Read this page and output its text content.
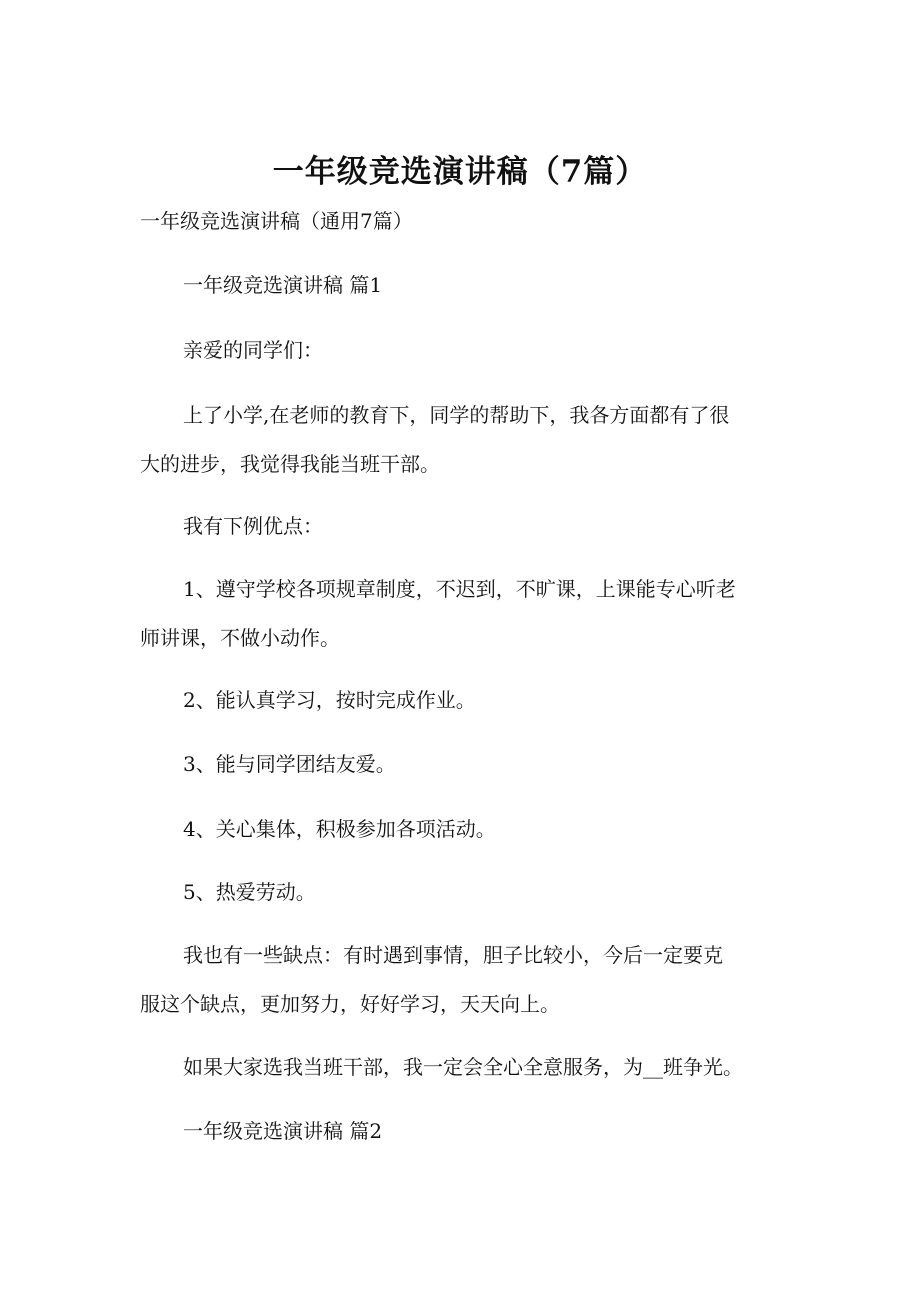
一年级竞选演讲稿（7篇）

一年级竞选演讲稿（通用7篇）

一年级竞选演讲稿 篇1

亲爱的同学们：

上了小学,在老师的教育下，同学的帮助下，我各方面都有了很

大的进步，我觉得我能当班干部。

我有下例优点：

1、遵守学校各项规章制度，不迟到，不旷课，上课能专心听老

师讲课，不做小动作。

2、能认真学习，按时完成作业。

3、能与同学团结友爱。

4、关心集体，积极参加各项活动。

5、热爱劳动。

我也有一些缺点：有时遇到事情，胆子比较小，今后一定要克

服这个缺点，更加努力，好好学习，天天向上。

如果大家选我当班干部，我一定会全心全意服务，为__班争光。

一年级竞选演讲稿 篇2
